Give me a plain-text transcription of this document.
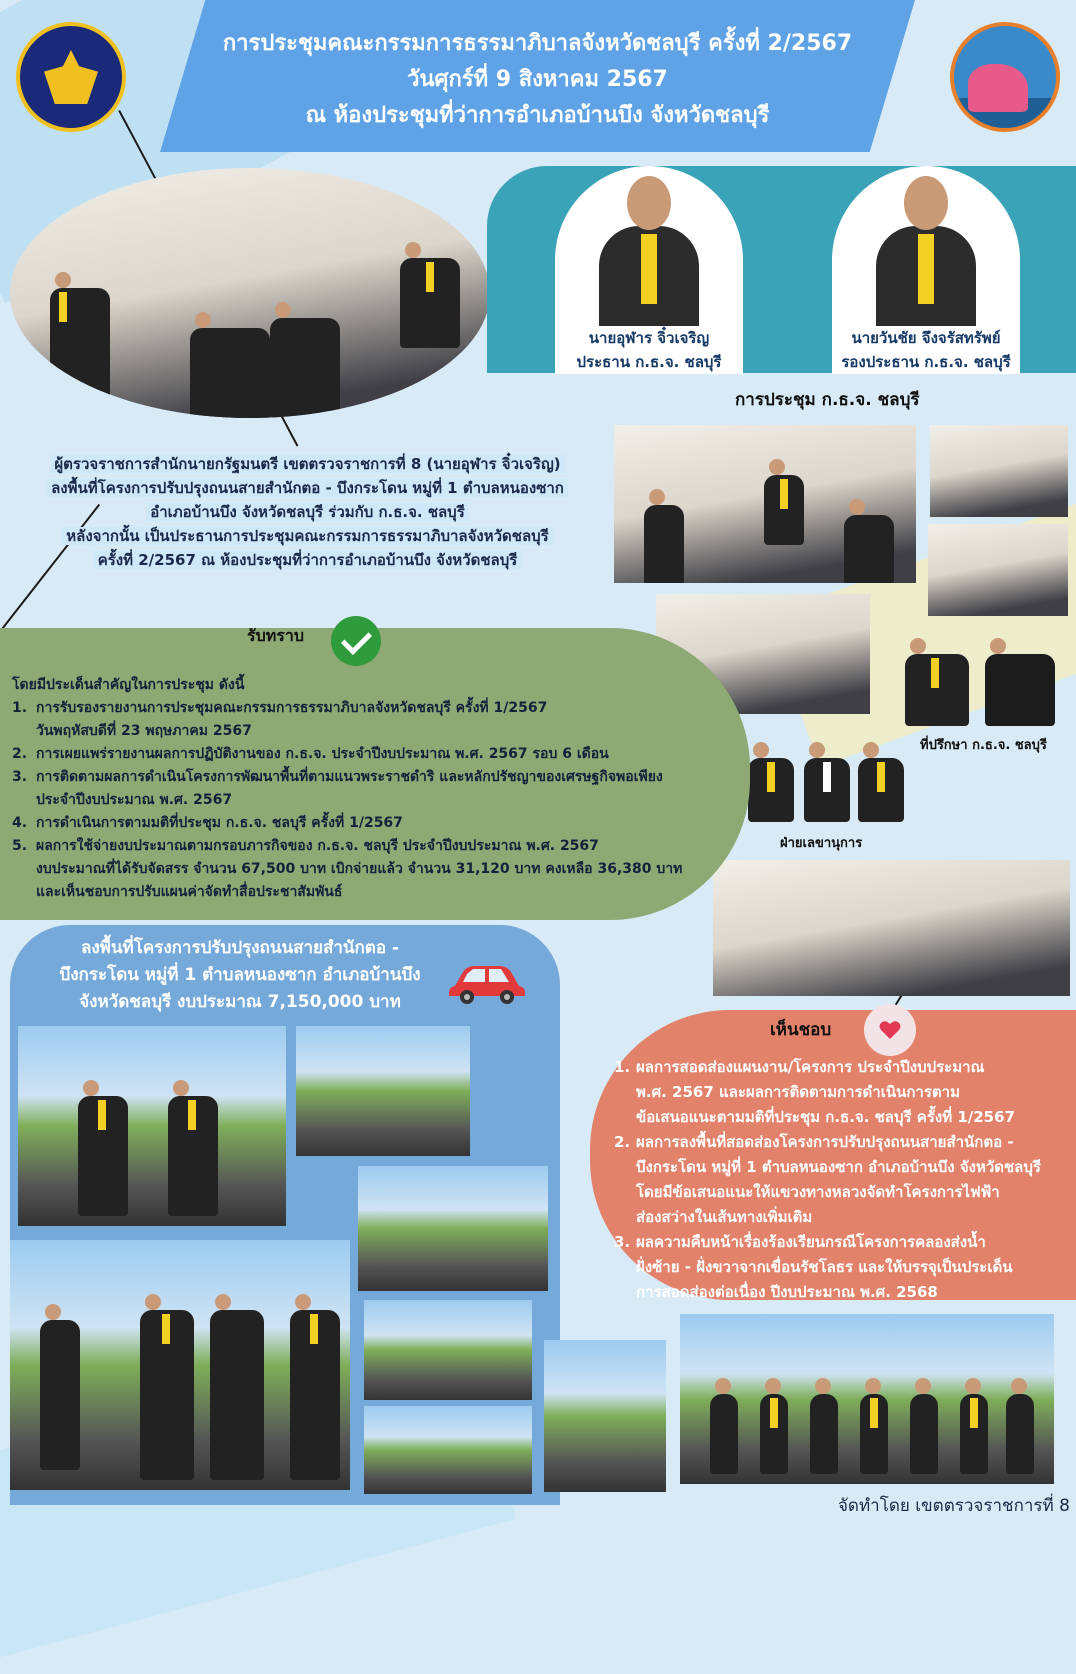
การประชุมคณะกรรมการธรรมาภิบาลจังหวัดชลบุรี ครั้งที่ 2/2567
วันศุกร์ที่ 9 สิงหาคม 2567
ณ ห้องประชุมที่ว่าการอำเภอบ้านบึง จังหวัดชลบุรี
นายอุฬาร จิ๋วเจริญ
ประธาน ก.ธ.จ. ชลบุรี
นายวันชัย จึงจรัสทรัพย์
รองประธาน ก.ธ.จ. ชลบุรี
การประชุม ก.ธ.จ. ชลบุรี
ที่ปรึกษา ก.ธ.จ. ชลบุรี
ฝ่ายเลขานุการ
ผู้ตรวจราชการสำนักนายกรัฐมนตรี เขตตรวจราชการที่ 8 (นายอุฬาร จิ๋วเจริญ)
ลงพื้นที่โครงการปรับปรุงถนนสายสำนักตอ - บึงกระโดน หมู่ที่ 1 ตำบลหนองซาก
อำเภอบ้านบึง จังหวัดชลบุรี ร่วมกับ ก.ธ.จ. ชลบุรี
หลังจากนั้น เป็นประธานการประชุมคณะกรรมการธรรมาภิบาลจังหวัดชลบุรี
ครั้งที่ 2/2567 ณ ห้องประชุมที่ว่าการอำเภอบ้านบึง จังหวัดชลบุรี
รับทราบ
โดยมีประเด็นสำคัญในการประชุม ดังนี้
1. การรับรองรายงานการประชุมคณะกรรมการธรรมาภิบาลจังหวัดชลบุรี ครั้งที่ 1/2567
วันพฤหัสบดีที่ 23 พฤษภาคม 2567
2. การเผยแพร่รายงานผลการปฏิบัติงานของ ก.ธ.จ. ประจำปีงบประมาณ พ.ศ. 2567 รอบ 6 เดือน
3. การติดตามผลการดำเนินโครงการพัฒนาพื้นที่ตามแนวพระราชดำริ และหลักปรัชญาของเศรษฐกิจพอเพียง
ประจำปีงบประมาณ พ.ศ. 2567
4. การดำเนินการตามมติที่ประชุม ก.ธ.จ. ชลบุรี ครั้งที่ 1/2567
5. ผลการใช้จ่ายงบประมาณตามกรอบภารกิจของ ก.ธ.จ. ชลบุรี ประจำปีงบประมาณ พ.ศ. 2567
งบประมาณที่ได้รับจัดสรร จำนวน 67,500 บาท เบิกจ่ายแล้ว จำนวน 31,120 บาท คงเหลือ 36,380 บาท
และเห็นชอบการปรับแผนค่าจัดทำสื่อประชาสัมพันธ์
ลงพื้นที่โครงการปรับปรุงถนนสายสำนักตอ -
บึงกระโดน หมู่ที่ 1 ตำบลหนองซาก อำเภอบ้านบึง
จังหวัดชลบุรี งบประมาณ 7,150,000 บาท
เห็นชอบ
1. ผลการสอดส่องแผนงาน/โครงการ ประจำปีงบประมาณ
พ.ศ. 2567 และผลการติดตามการดำเนินการตาม
ข้อเสนอแนะตามมติที่ประชุม ก.ธ.จ. ชลบุรี ครั้งที่ 1/2567
2. ผลการลงพื้นที่สอดส่องโครงการปรับปรุงถนนสายสำนักตอ -
บึงกระโดน หมู่ที่ 1 ตำบลหนองซาก อำเภอบ้านบึง จังหวัดชลบุรี
โดยมีข้อเสนอแนะให้แขวงทางหลวงจัดทำโครงการไฟฟ้า
ส่องสว่างในเส้นทางเพิ่มเติม
3. ผลความคืบหน้าเรื่องร้องเรียนกรณีโครงการคลองส่งน้ำ
ฝั่งซ้าย - ฝั่งขวาจากเขื่อนรัชโลธร และให้บรรจุเป็นประเด็น
การสอดส่องต่อเนื่อง ปีงบประมาณ พ.ศ. 2568
จัดทำโดย เขตตรวจราชการที่ 8
